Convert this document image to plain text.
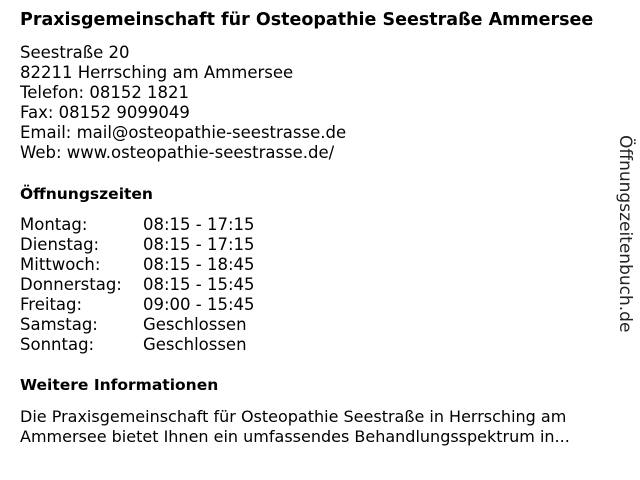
Praxisgemeinschaft für Osteopathie Seestraße Ammersee
Seestraße 20
82211 Herrsching am Ammersee
Telefon: 08152 1821
Fax: 08152 9099049
Email: mail@osteopathie-seestrasse.de
Web: www.osteopathie-seestrasse.de/
Öffnungszeiten
Montag:	08:15 - 17:15
Dienstag:	08:15 - 17:15
Mittwoch:	08:15 - 18:45
Donnerstag:	08:15 - 15:45
Freitag:	09:00 - 15:45
Samstag:	Geschlossen
Sonntag:	Geschlossen
Weitere Informationen
Die Praxisgemeinschaft für Osteopathie Seestraße in Herrsching am Ammersee bietet Ihnen ein umfassendes Behandlungsspektrum in...
Öffnungszeitenbuch.de
